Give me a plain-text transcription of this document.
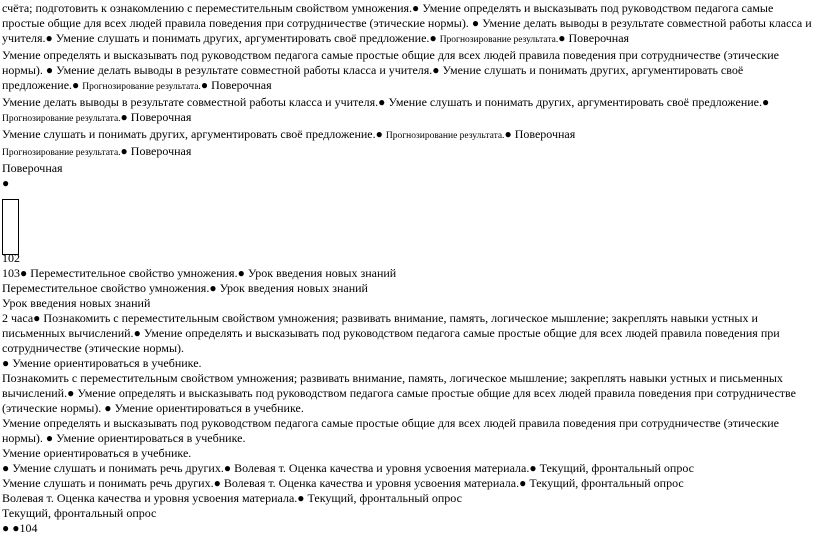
счёта; подготовить к ознакомлению с переместительным свойством умножения.● Умение определять и высказывать под руководством педагога самые простые общие для всех людей правила поведения при сотрудничестве (этические нормы). ● Умение делать выводы в результате совместной работы класса и учителя.● Умение слушать и понимать других, аргументировать своё предложение.● Прогнозирование результата.● Поверочная

Умение определять и высказывать под руководством педагога самые простые общие для всех людей правила поведения при сотрудничестве (этические нормы). ● Умение делать выводы в результате совместной работы класса и учителя.● Умение слушать и понимать других, аргументировать своё предложение.● Прогнозирование результата.● Поверочная

Умение делать выводы в результате совместной работы класса и учителя.● Умение слушать и понимать других, аргументировать своё предложение.● Прогнозирование результата.● Поверочная

Умение слушать и понимать других, аргументировать своё предложение.● Прогнозирование результата.● Поверочная

Прогнозирование результата.● Поверочная

Поверочная

●

102

103● Переместительное свойство умножения.● Урок введения новых знаний

Переместительное свойство умножения.● Урок введения новых знаний

Урок введения новых знаний

2 часа● Познакомить с переместительным свойством умножения; развивать внимание, память, логическое мышление; закреплять навыки устных и письменных вычислений.● Умение определять и высказывать под руководством педагога самые простые общие для всех людей правила поведения при сотрудничестве (этические нормы).
● Умение ориентироваться в учебнике.

Познакомить с переместительным свойством умножения; развивать внимание, память, логическое мышление; закреплять навыки устных и письменных вычислений.● Умение определять и высказывать под руководством педагога самые простые общие для всех людей правила поведения при сотрудничестве (этические нормы). ● Умение ориентироваться в учебнике.

Умение определять и высказывать под руководством педагога самые простые общие для всех людей правила поведения при сотрудничестве (этические нормы). ● Умение ориентироваться в учебнике.

Умение ориентироваться в учебнике.

● Умение слушать и понимать речь других.● Волевая т. Оценка качества и уровня усвоения материала.● Текущий, фронтальный опрос

Умение слушать и понимать речь других.● Волевая т. Оценка качества и уровня усвоения материала.● Текущий, фронтальный опрос

Волевая т. Оценка качества и уровня усвоения материала.● Текущий, фронтальный опрос

Текущий, фронтальный опрос

● ●104
